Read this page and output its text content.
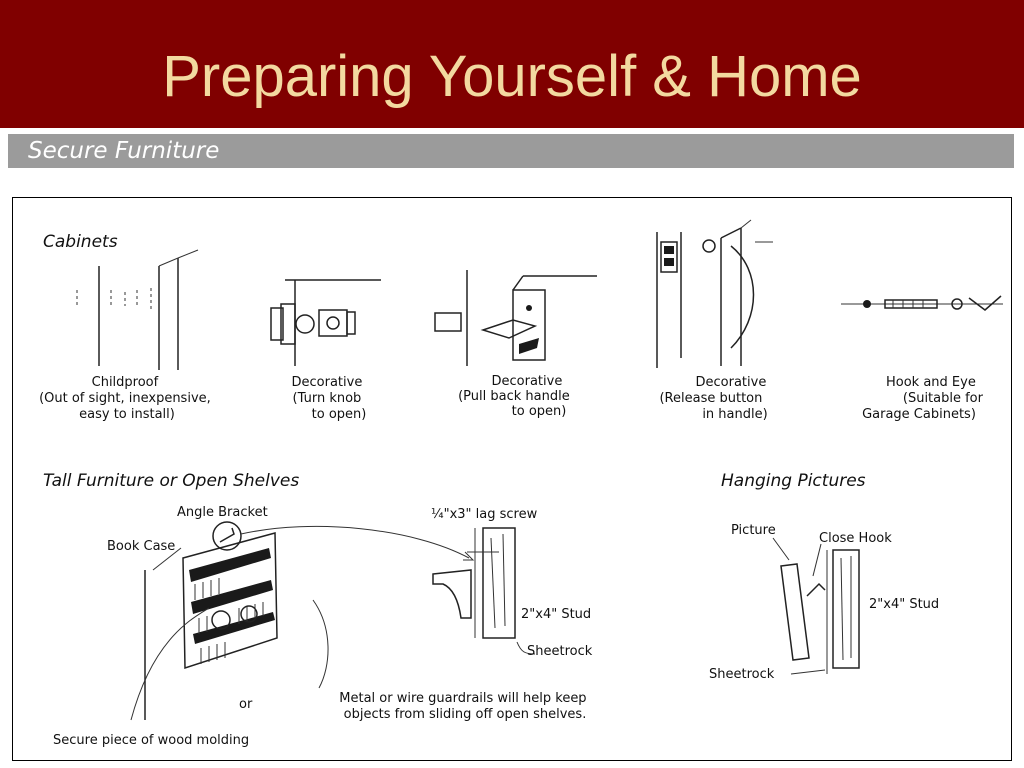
Preparing Yourself & Home
Secure Furniture
Cabinets
Tall Furniture or Open Shelves	Hanging Pictures
Childproof (Out of sight, inexpensive, easy to install)
Decorative (Turn knob to open)
Decorative (Pull back handle to open)
Decorative (Release button in handle)
Hook and Eye (Suitable for Garage Cabinets)
Angle Bracket
Book Case
¼"x3" lag screw
2"x4" Stud
Sheetrock
or	Metal or wire guardrails will help keep objects from sliding off open shelves.
Secure piece of wood molding
Picture
Close Hook
2"x4" Stud
Sheetrock
